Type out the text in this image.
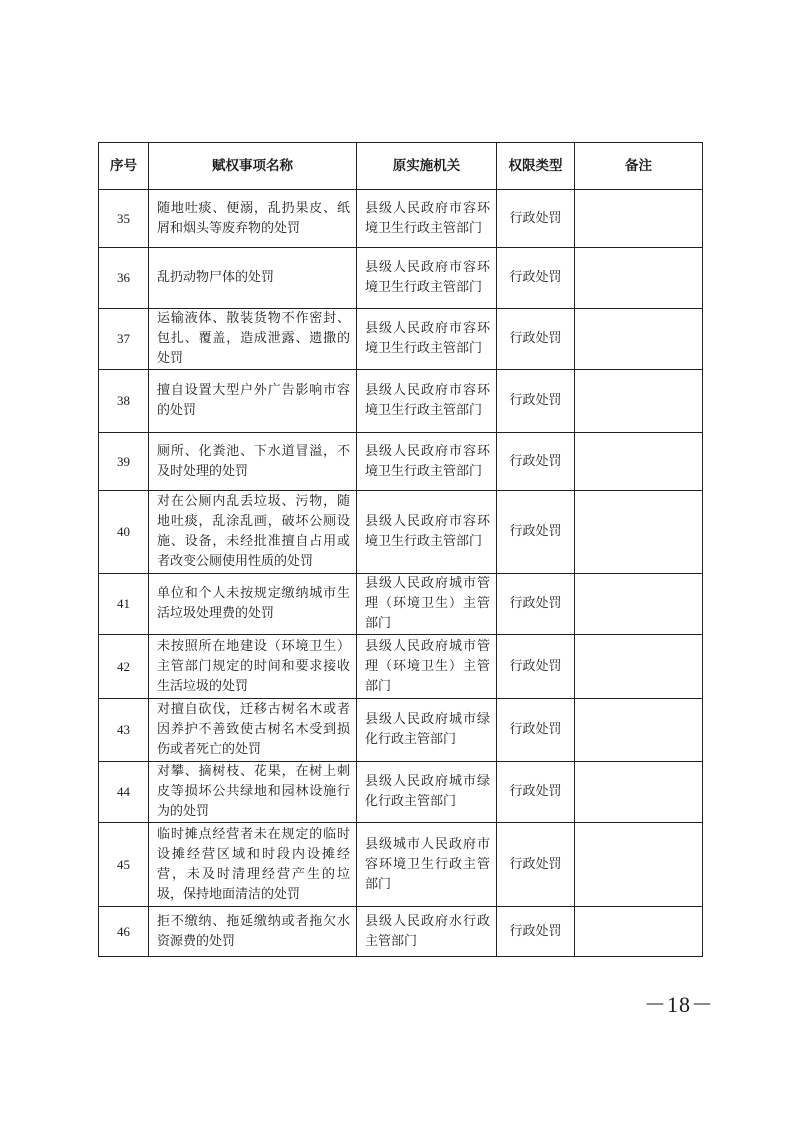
序号	赋权事项名称	原实施机关	权限类型	备注
35	随地吐痰、便溺，乱扔果皮、纸屑和烟头等废弃物的处罚	县级人民政府市容环境卫生行政主管部门	行政处罚	
36	乱扔动物尸体的处罚	县级人民政府市容环境卫生行政主管部门	行政处罚	
37	运输液体、散装货物不作密封、包扎、覆盖，造成泄露、遗撒的处罚	县级人民政府市容环境卫生行政主管部门	行政处罚	
38	擅自设置大型户外广告影响市容的处罚	县级人民政府市容环境卫生行政主管部门	行政处罚	
39	厕所、化粪池、下水道冒溢，不及时处理的处罚	县级人民政府市容环境卫生行政主管部门	行政处罚	
40	对在公厕内乱丢垃圾、污物，随地吐痰，乱涂乱画，破坏公厕设施、设备，未经批准擅自占用或者改变公厕使用性质的处罚	县级人民政府市容环境卫生行政主管部门	行政处罚	
41	单位和个人未按规定缴纳城市生活垃圾处理费的处罚	县级人民政府城市管理（环境卫生）主管部门	行政处罚	
42	未按照所在地建设（环境卫生）主管部门规定的时间和要求接收生活垃圾的处罚	县级人民政府城市管理（环境卫生）主管部门	行政处罚	
43	对擅自砍伐，迁移古树名木或者因养护不善致使古树名木受到损伤或者死亡的处罚	县级人民政府城市绿化行政主管部门	行政处罚	
44	对攀、摘树枝、花果，在树上刺皮等损坏公共绿地和园林设施行为的处罚	县级人民政府城市绿化行政主管部门	行政处罚	
45	临时摊点经营者未在规定的临时设摊经营区域和时段内设摊经营，未及时清理经营产生的垃圾，保持地面清洁的处罚	县级城市人民政府市容环境卫生行政主管部门	行政处罚	
46	拒不缴纳、拖延缴纳或者拖欠水资源费的处罚	县级人民政府水行政主管部门	行政处罚	
－18－
